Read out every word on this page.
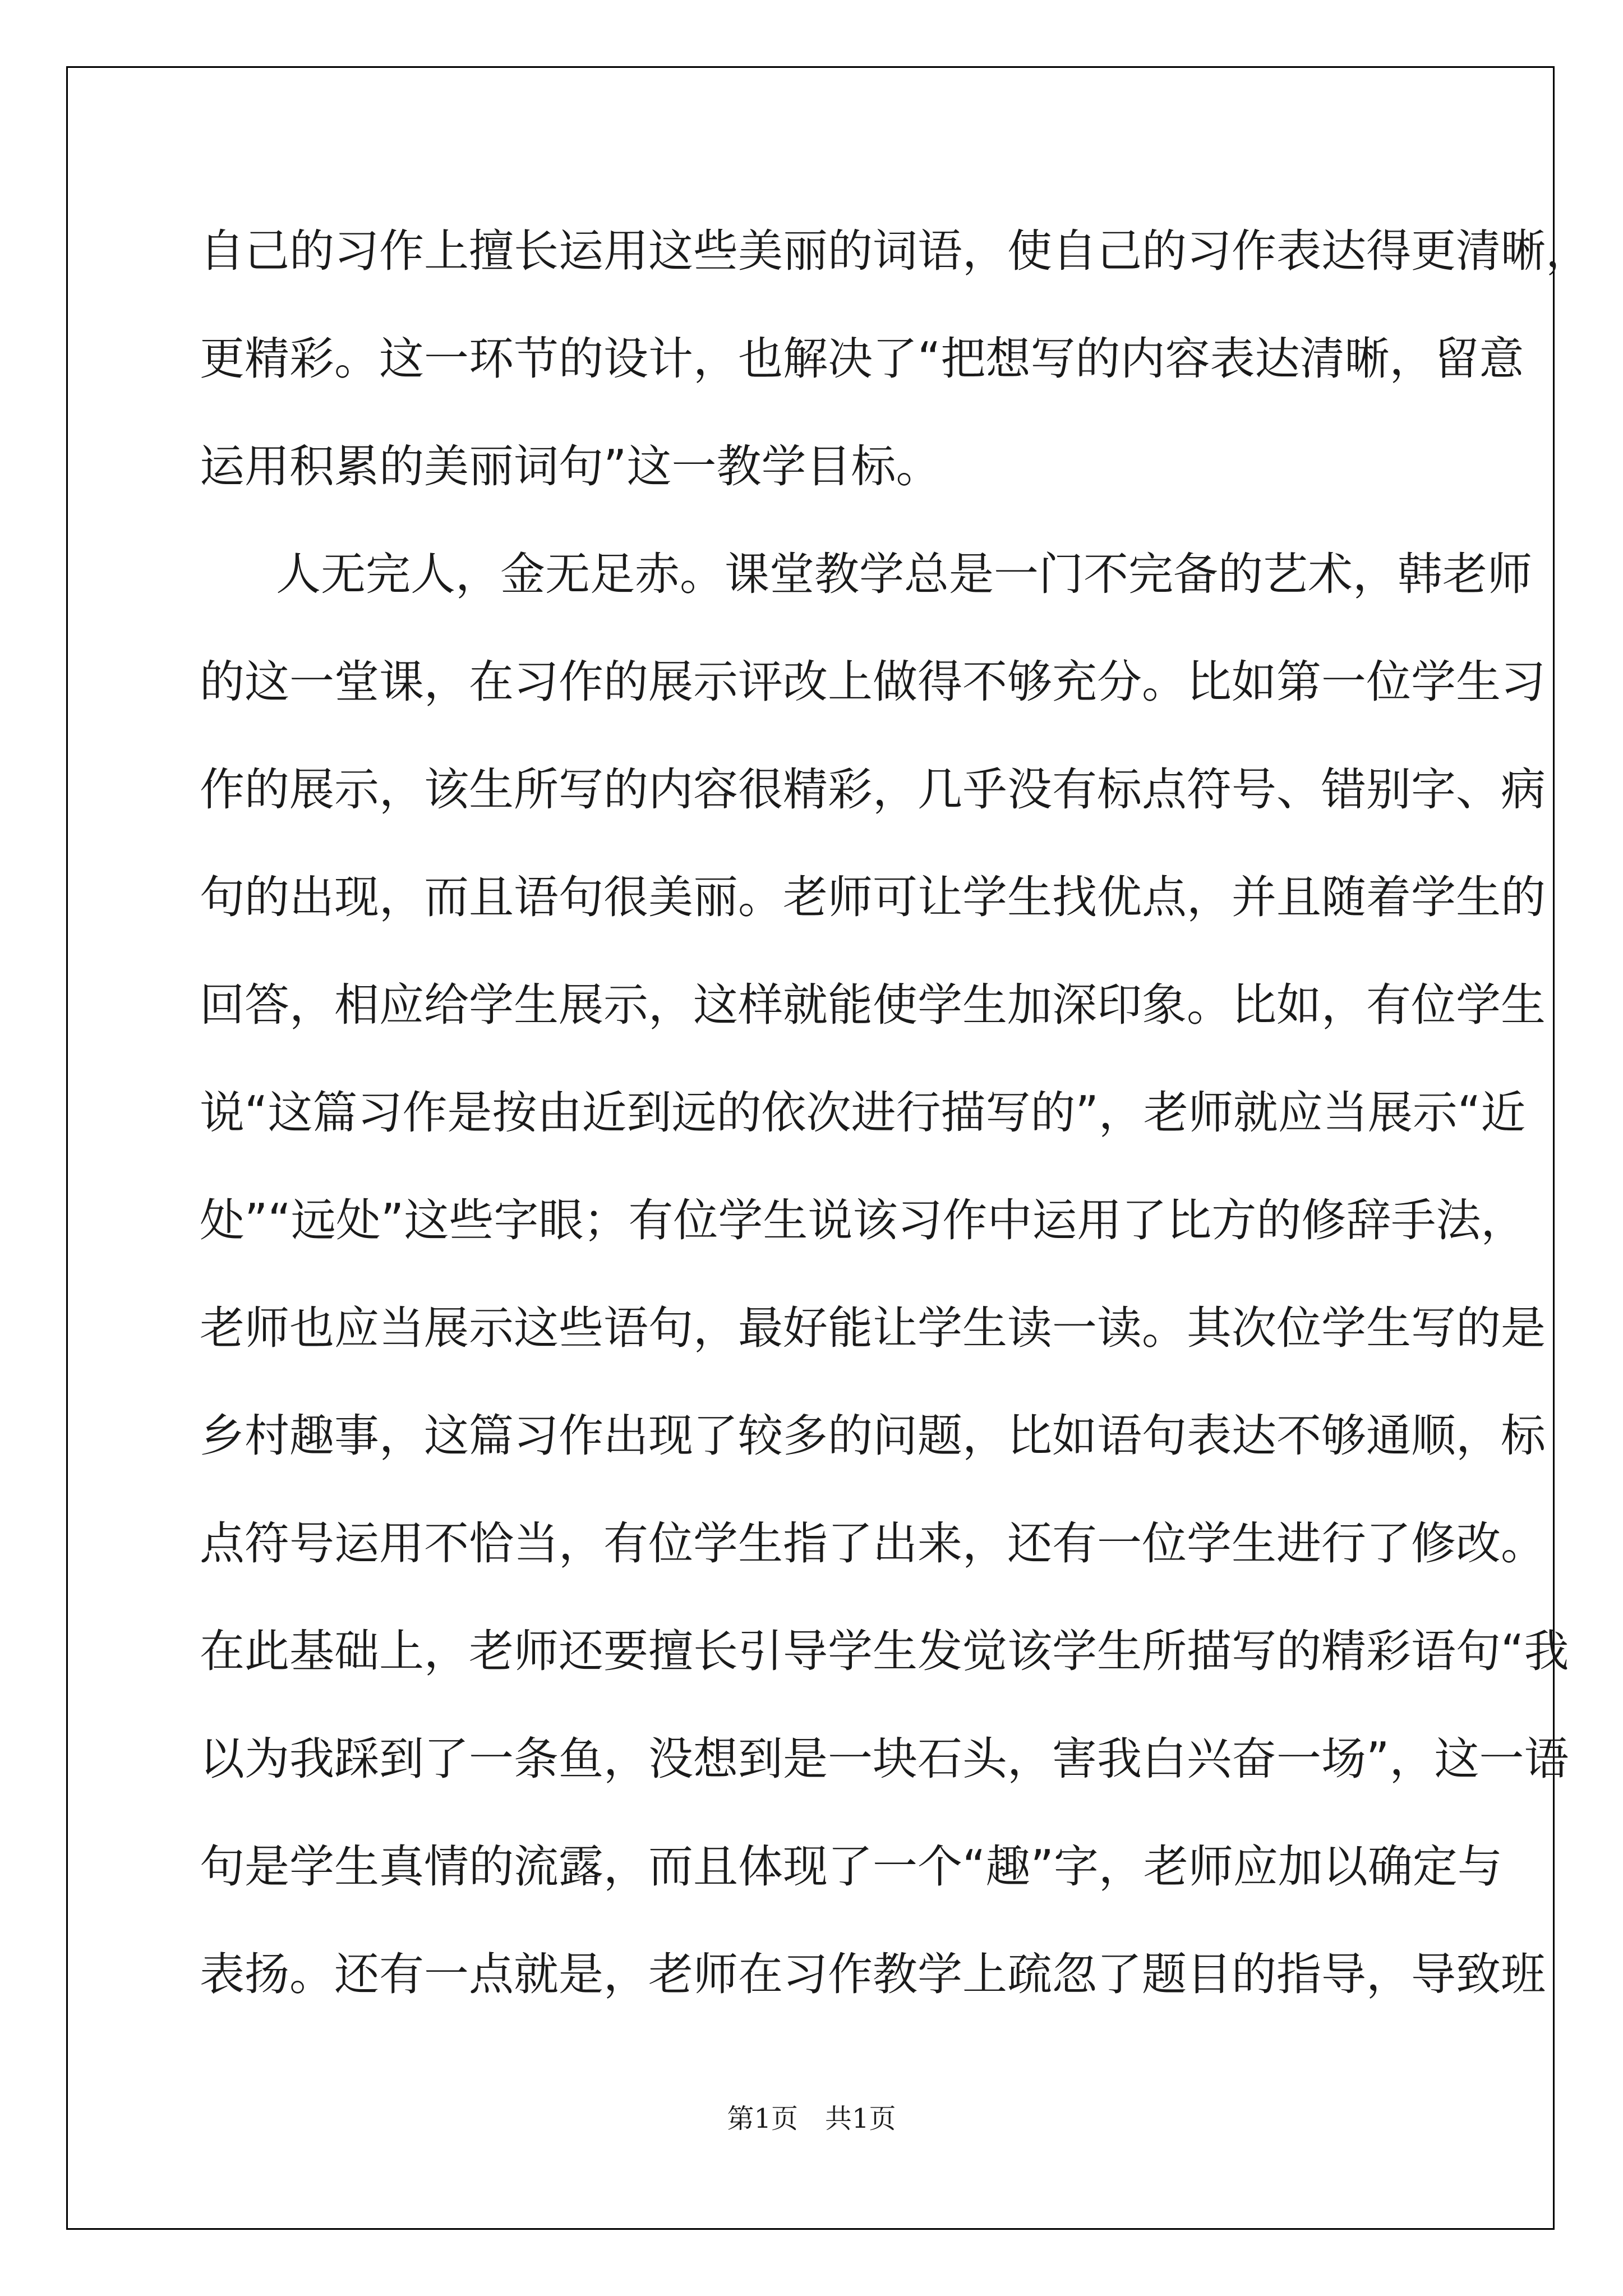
自己的习作上擅长运用这些美丽的词语，使自己的习作表达得更清晰，
更精彩。这一环节的设计，也解决了“把想写的内容表达清晰，留意
运用积累的美丽词句”这一教学目标。
人无完人，金无足赤。课堂教学总是一门不完备的艺术，韩老师
的这一堂课，在习作的展示评改上做得不够充分。比如第一位学生习
作的展示，该生所写的内容很精彩，几乎没有标点符号、错别字、病
句的出现，而且语句很美丽。老师可让学生找优点，并且随着学生的
回答，相应给学生展示，这样就能使学生加深印象。比如，有位学生
说“这篇习作是按由近到远的依次进行描写的”，老师就应当展示“近
处”“远处”这些字眼；有位学生说该习作中运用了比方的修辞手法，
老师也应当展示这些语句，最好能让学生读一读。其次位学生写的是
乡村趣事，这篇习作出现了较多的问题，比如语句表达不够通顺，标
点符号运用不恰当，有位学生指了出来，还有一位学生进行了修改。
在此基础上，老师还要擅长引导学生发觉该学生所描写的精彩语句“我
以为我踩到了一条鱼，没想到是一块石头，害我白兴奋一场”，这一语
句是学生真情的流露，而且体现了一个“趣”字，老师应加以确定与
表扬。还有一点就是，老师在习作教学上疏忽了题目的指导，导致班
第1页　共1页
